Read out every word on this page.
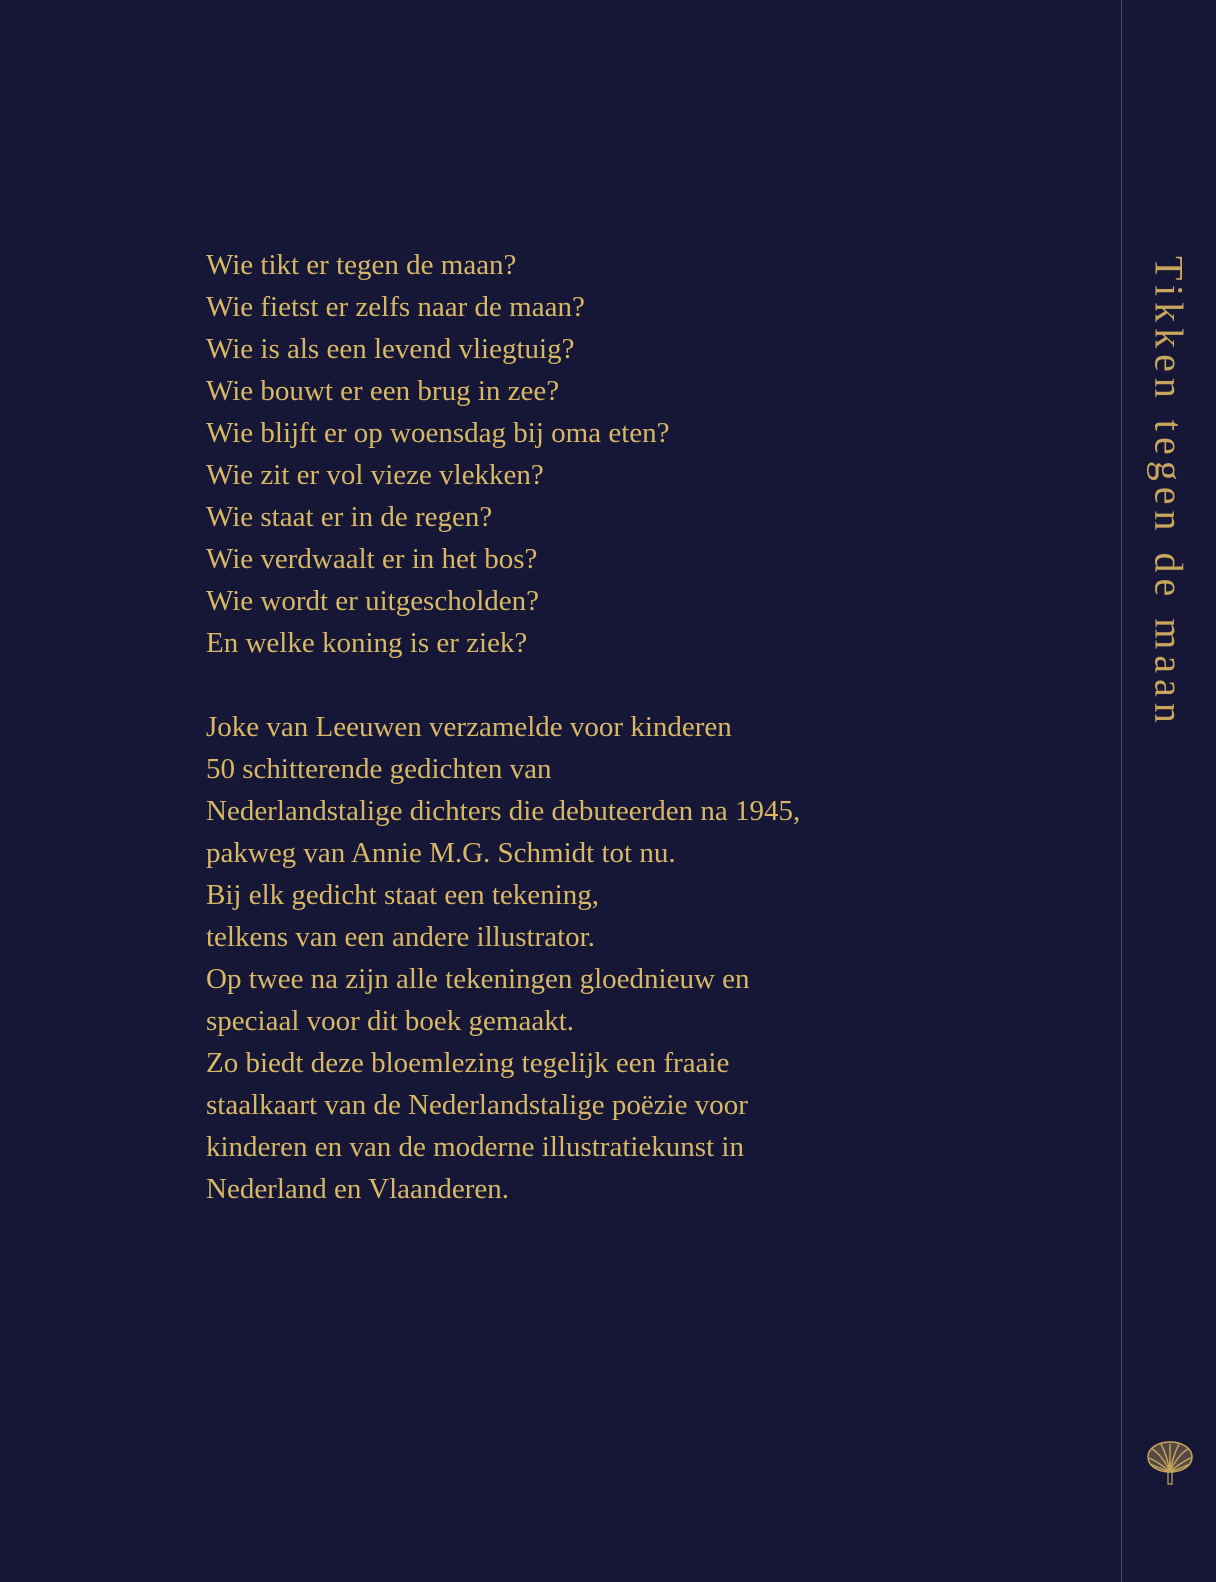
Wie tikt er tegen de maan?
Wie fietst er zelfs naar de maan?
Wie is als een levend vliegtuig?
Wie bouwt er een brug in zee?
Wie blijft er op woensdag bij oma eten?
Wie zit er vol vieze vlekken?
Wie staat er in de regen?
Wie verdwaalt er in het bos?
Wie wordt er uitgescholden?
En welke koning is er ziek?
Joke van Leeuwen verzamelde voor kinderen
50 schitterende gedichten van
Nederlandstalige dichters die debuteerden na 1945,
pakweg van Annie M.G. Schmidt tot nu.
Bij elk gedicht staat een tekening,
telkens van een andere illustrator.
Op twee na zijn alle tekeningen gloednieuw en
speciaal voor dit boek gemaakt.
Zo biedt deze bloemlezing tegelijk een fraaie
staalkaart van de Nederlandstalige poëzie voor
kinderen en van de moderne illustratiekunst in
Nederland en Vlaanderen.
Tikken tegen de maan
